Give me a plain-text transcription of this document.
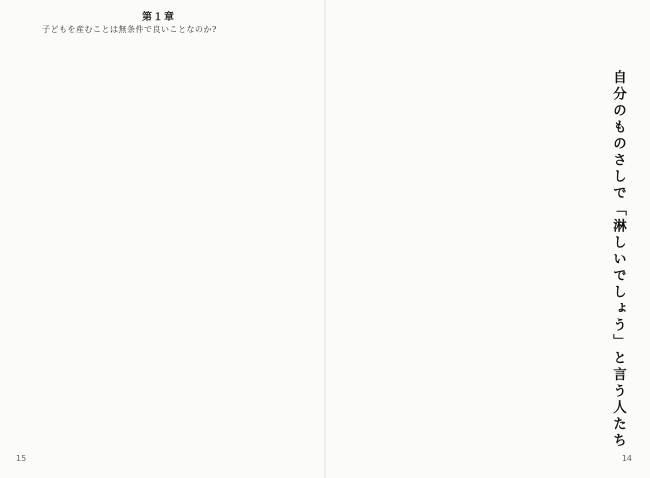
第１章
子どもを産むことは無条件で良いことなのか?
15
自分のものさしで「淋しいでしょう」と言う人たち
14
